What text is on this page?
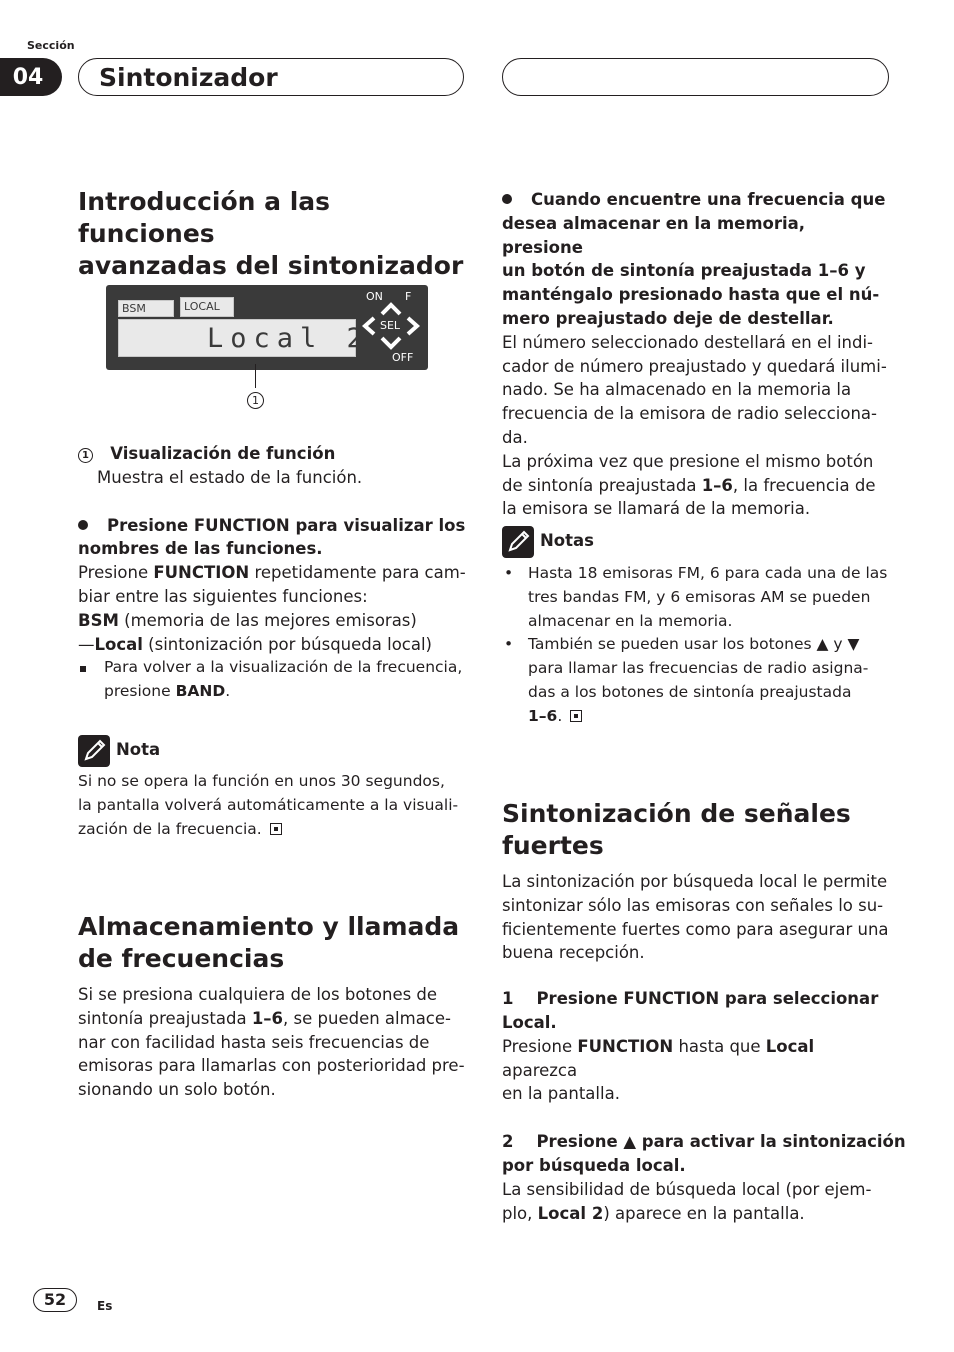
Sección
04	Sintonizador
Introducción a las funciones
avanzadas del sintonizador
BSM	LOCAL
Local 2
ON F
SEL
OFF
1

1 Visualización de función

Muestra el estado de la función.

Presione FUNCTION para visualizar los
nombres de las funciones.

Presione FUNCTION repetidamente para cam-
biar entre las siguientes funciones:

BSM (memoria de las mejores emisoras)

—Local (sintonización por búsqueda local)

Para volver a la visualización de la frecuencia,
presione BAND.
Nota

Si no se opera la función en unos 30 segundos,
la pantalla volverá automáticamente a la visuali-
zación de la frecuencia.

Almacenamiento y llamada
de frecuencias

Si se presiona cualquiera de los botones de
sintonía preajustada 1–6, se pueden almace-
nar con facilidad hasta seis frecuencias de
emisoras para llamarlas con posterioridad pre-
sionando un solo botón.

Cuando encuentre una frecuencia que
desea almacenar en la memoria, presione
un botón de sintonía preajustada 1–6 y
manténgalo presionado hasta que el nú-
mero preajustado deje de destellar.

El número seleccionado destellará en el indi-
cador de número preajustado y quedará ilumi-
nado. Se ha almacenado en la memoria la
frecuencia de la emisora de radio selecciona-
da.

La próxima vez que presione el mismo botón
de sintonía preajustada 1–6, la frecuencia de
la emisora se llamará de la memoria.

Notas
• Hasta 18 emisoras FM, 6 para cada una de las
tres bandas FM, y 6 emisoras AM se pueden
almacenar en la memoria.
• También se pueden usar los botones ▲ y ▼
para llamar las frecuencias de radio asigna-
das a los botones de sintonía preajustada
1–6.
Sintonización de señales
fuertes

La sintonización por búsqueda local le permite
sintonizar sólo las emisoras con señales lo su-
ficientemente fuertes como para asegurar una
buena recepción.

1    Presione FUNCTION para seleccionar
Local.

Presione FUNCTION hasta que Local aparezca
en la pantalla.

2    Presione ▲ para activar la sintonización
por búsqueda local.

La sensibilidad de búsqueda local (por ejem-
plo, Local 2) aparece en la pantalla.

52	Es
